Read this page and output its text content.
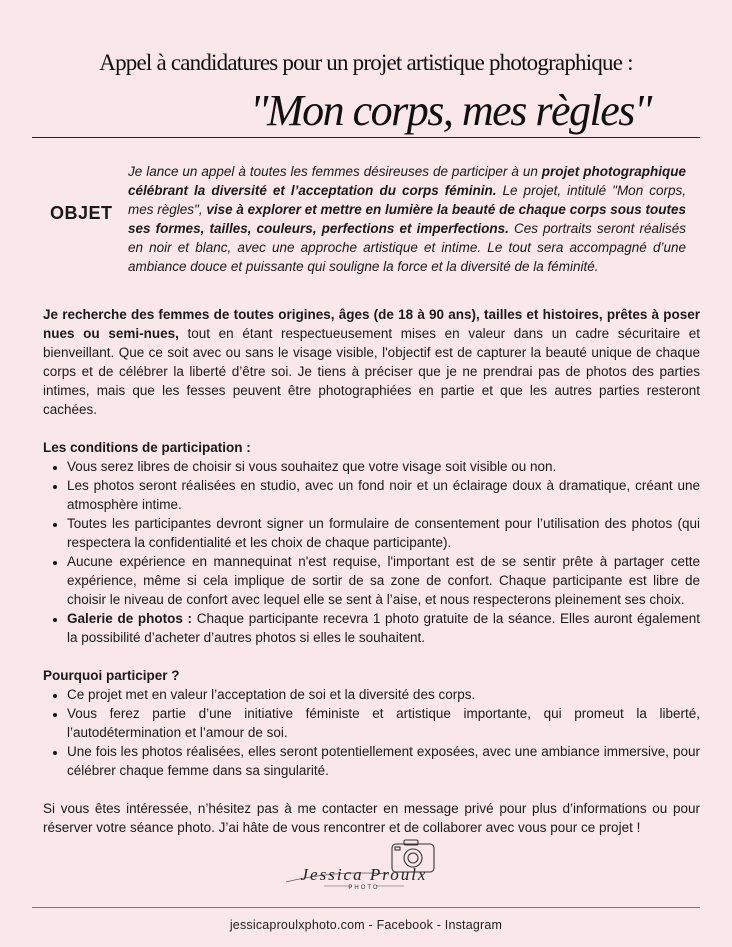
Appel à candidatures pour un projet artistique photographique :
"Mon corps, mes règles"
OBJET
Je lance un appel à toutes les femmes désireuses de participer à un projet photographique célébrant la diversité et l’acceptation du corps féminin. Le projet, intitulé "Mon corps, mes règles", vise à explorer et mettre en lumière la beauté de chaque corps sous toutes ses formes, tailles, couleurs, perfections et imperfections. Ces portraits seront réalisés en noir et blanc, avec une approche artistique et intime. Le tout sera accompagné d’une ambiance douce et puissante qui souligne la force et la diversité de la féminité.

Je recherche des femmes de toutes origines, âges (de 18 à 90 ans), tailles et histoires, prêtes à poser nues ou semi-nues, tout en étant respectueusement mises en valeur dans un cadre sécuritaire et bienveillant. Que ce soit avec ou sans le visage visible, l'objectif est de capturer la beauté unique de chaque corps et de célébrer la liberté d’être soi. Je tiens à préciser que je ne prendrai pas de photos des parties intimes, mais que les fesses peuvent être photographiées en partie et que les autres parties resteront cachées.

Les conditions de participation :

• Vous serez libres de choisir si vous souhaitez que votre visage soit visible ou non.
• Les photos seront réalisées en studio, avec un fond noir et un éclairage doux à dramatique, créant une atmosphère intime.
• Toutes les participantes devront signer un formulaire de consentement pour l’utilisation des photos (qui respectera la confidentialité et les choix de chaque participante).
• Aucune expérience en mannequinat n'est requise, l'important est de se sentir prête à partager cette expérience, même si cela implique de sortir de sa zone de confort. Chaque participante est libre de choisir le niveau de confort avec lequel elle se sent à l’aise, et nous respecterons pleinement ses choix.
• Galerie de photos : Chaque participante recevra 1 photo gratuite de la séance. Elles auront également la possibilité d’acheter d’autres photos si elles le souhaitent.

Pourquoi participer ?

• Ce projet met en valeur l’acceptation de soi et la diversité des corps.
• Vous ferez partie d’une initiative féministe et artistique importante, qui promeut la liberté, l’autodétermination et l’amour de soi.
• Une fois les photos réalisées, elles seront potentiellement exposées, avec une ambiance immersive, pour célébrer chaque femme dans sa singularité.

Si vous êtes intéressée, n’hésitez pas à me contacter en message privé pour plus d’informations ou pour réserver votre séance photo. J’ai hâte de vous rencontrer et de collaborer avec vous pour ce projet !

Jessica Proulx
PHOTO
jessicaproulxphoto.com - Facebook - Instagram
